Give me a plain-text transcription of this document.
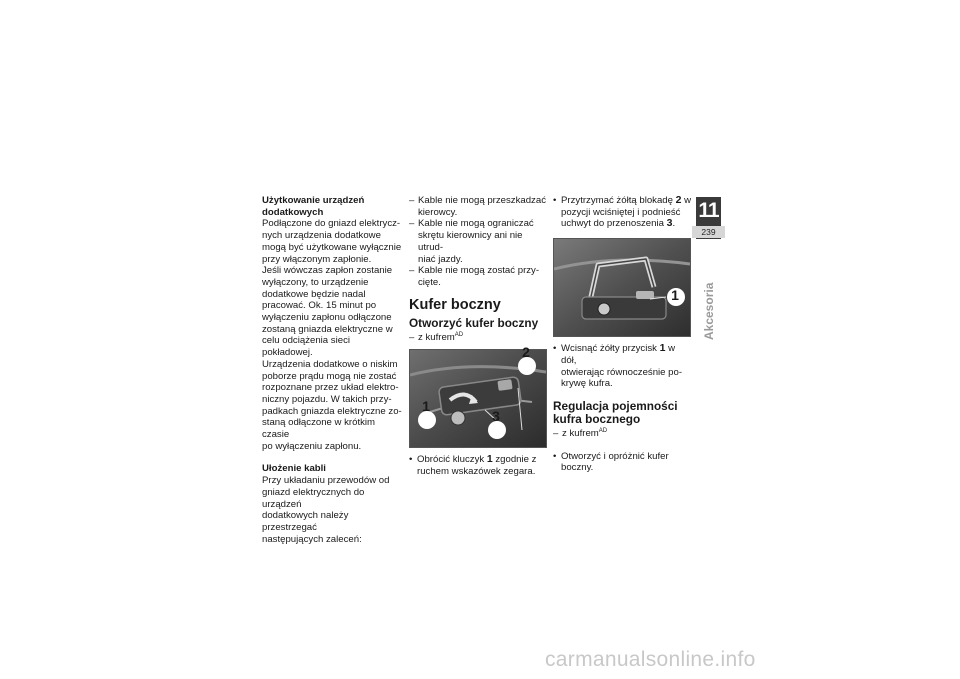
Użytkowanie urządzeń
dodatkowych
Podłączone do gniazd elektrycz-
nych urządzenia dodatkowe
mogą być użytkowane wyłącznie
przy włączonym zapłonie.
Jeśli wówczas zapłon zostanie
wyłączony, to urządzenie
dodatkowe będzie nadal
pracować. Ok. 15 minut po
wyłączeniu zapłonu odłączone
zostaną gniazda elektryczne w
celu odciążenia sieci pokładowej.
Urządzenia dodatkowe o niskim
poborze prądu mogą nie zostać
rozpoznane przez układ elektro-
niczny pojazdu. W takich przy-
padkach gniazda elektryczne zo-
staną odłączone w krótkim czasie
po wyłączeniu zapłonu.
Ułożenie kabli
Przy układaniu przewodów od
gniazd elektrycznych do urządzeń
dodatkowych należy przestrzegać
następujących zaleceń:
– Kable nie mogą przeszkadzać
kierowcy.
– Kable nie mogą ograniczać
skrętu kierownicy ani nie utrud-
niać jazdy.
– Kable nie mogą zostać przy-
cięte.
Kufer boczny
Otworzyć kufer boczny
– z kufrem$^{AD}$
2
1
3
• Obrócić kluczyk 1 zgodnie z
ruchem wskazówek zegara.
• Przytrzymać żółtą blokadę 2 w
pozycji wciśniętej i podnieść
uchwyt do przenoszenia 3.
1
• Wcisnąć żółty przycisk 1 w dół,
otwierając równocześnie po-
krywę kufra.
Regulacja pojemności
kufra bocznego
– z kufrem$^{AD}$
• Otworzyć i opróżnić kufer
boczny.
11
239
Akcesoria
carmanualsonline.info
